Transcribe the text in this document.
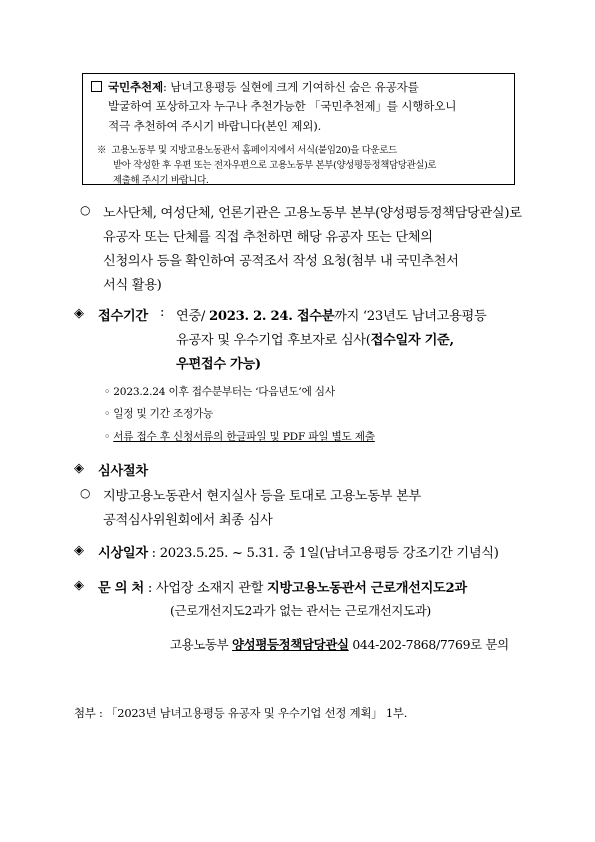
국민추천제: 남녀고용평등 실현에 크게 기여하신 숨은 유공자를
발굴하여 포상하고자 누구나 추천가능한 「국민추천제」를 시행하오니
적극 추천하여 주시기 바랍니다(본인 제외).
※ 고용노동부 및 지방고용노동관서 홈페이지에서 서식(붙임20)을 다운로드
받아 작성한 후 우편 또는 전자우편으로 고용노동부 본부(양성평등정책담당관실)로
제출해 주시기 바랍니다.
○ 노사단체, 여성단체, 언론기관은 고용노동부 본부(양성평등정책담당관실)로
유공자 또는 단체를 직접 추천하면 해당 유공자 또는 단체의
신청의사 등을 확인하여 공적조서 작성 요청(첨부 내 국민추천서
서식 활용)
◈ 접수기간 : 연중/ 2023. 2. 24. 접수분까지 ‘23년도 남녀고용평등
유공자 및 우수기업 후보자로 심사(접수일자 기준,
우편접수 가능)
◦ 2023.2.24 이후 접수분부터는 ‘다음년도’에 심사
◦ 일정 및 기간 조정가능
◦ 서류 접수 후 신청서류의 한글파일 및 PDF 파일 별도 제출
◈ 심사절차
○ 지방고용노동관서 현지실사 등을 토대로 고용노동부 본부
공적심사위원회에서 최종 심사
◈ 시상일자 : 2023.5.25. ~ 5.31. 중 1일(남녀고용평등 강조기간 기념식)
◈ 문 의 처 : 사업장 소재지 관할 지방고용노동관서 근로개선지도2과
(근로개선지도2과가 없는 관서는 근로개선지도과)
고용노동부 양성평등정책담당관실 044-202-7868/7769로 문의
첨부 : 「2023년 남녀고용평등 유공자 및 우수기업 선정 계획」 1부.
